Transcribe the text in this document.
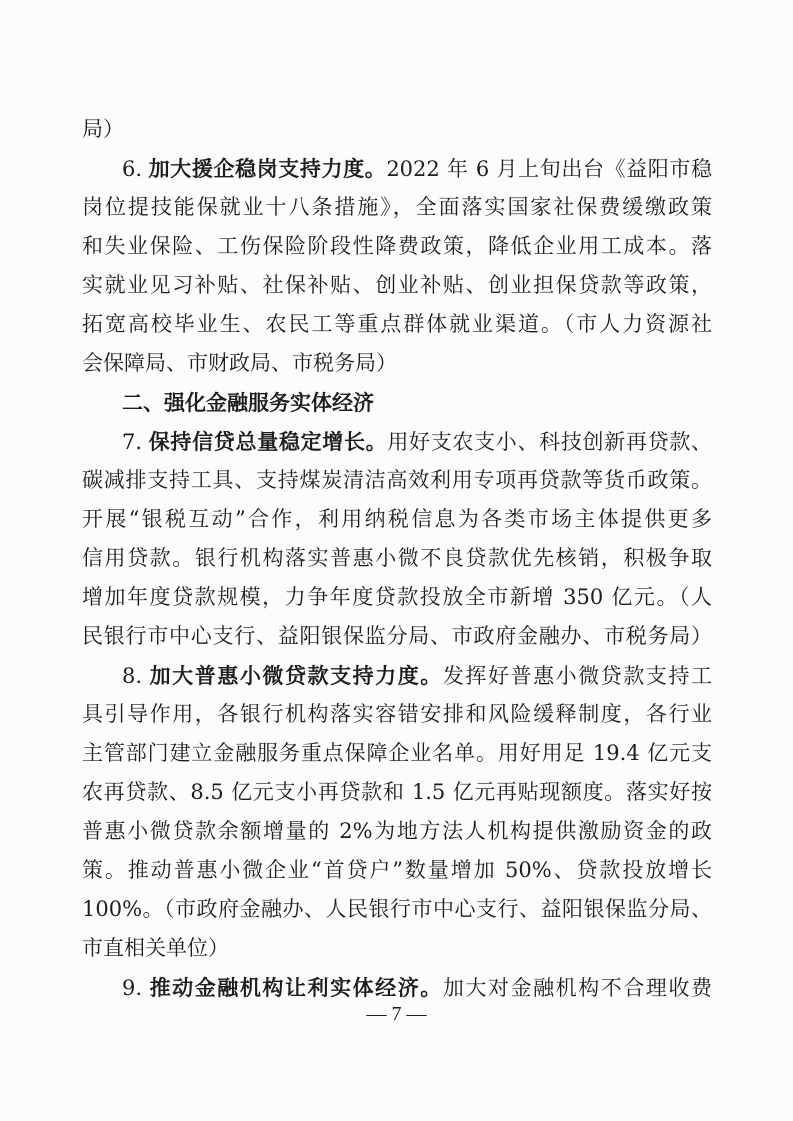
局）
6. 加大援企稳岗支持力度。2022 年 6 月上旬出台《益阳市稳
岗位提技能保就业十八条措施》，全面落实国家社保费缓缴政策
和失业保险、工伤保险阶段性降费政策，降低企业用工成本。落
实就业见习补贴、社保补贴、创业补贴、创业担保贷款等政策，
拓宽高校毕业生、农民工等重点群体就业渠道。（市人力资源社
会保障局、市财政局、市税务局）
二、强化金融服务实体经济
7. 保持信贷总量稳定增长。用好支农支小、科技创新再贷款、
碳减排支持工具、支持煤炭清洁高效利用专项再贷款等货币政策。
开展“银税互动”合作，利用纳税信息为各类市场主体提供更多
信用贷款。银行机构落实普惠小微不良贷款优先核销，积极争取
增加年度贷款规模，力争年度贷款投放全市新增 350 亿元。（人
民银行市中心支行、益阳银保监分局、市政府金融办、市税务局）
8. 加大普惠小微贷款支持力度。发挥好普惠小微贷款支持工
具引导作用，各银行机构落实容错安排和风险缓释制度，各行业
主管部门建立金融服务重点保障企业名单。用好用足 19.4 亿元支
农再贷款、8.5 亿元支小再贷款和 1.5 亿元再贴现额度。落实好按
普惠小微贷款余额增量的 2%为地方法人机构提供激励资金的政
策。推动普惠小微企业“首贷户”数量增加 50%、贷款投放增长
100%。（市政府金融办、人民银行市中心支行、益阳银保监分局、
市直相关单位）
9. 推动金融机构让利实体经济。加大对金融机构不合理收费
— 7 —
